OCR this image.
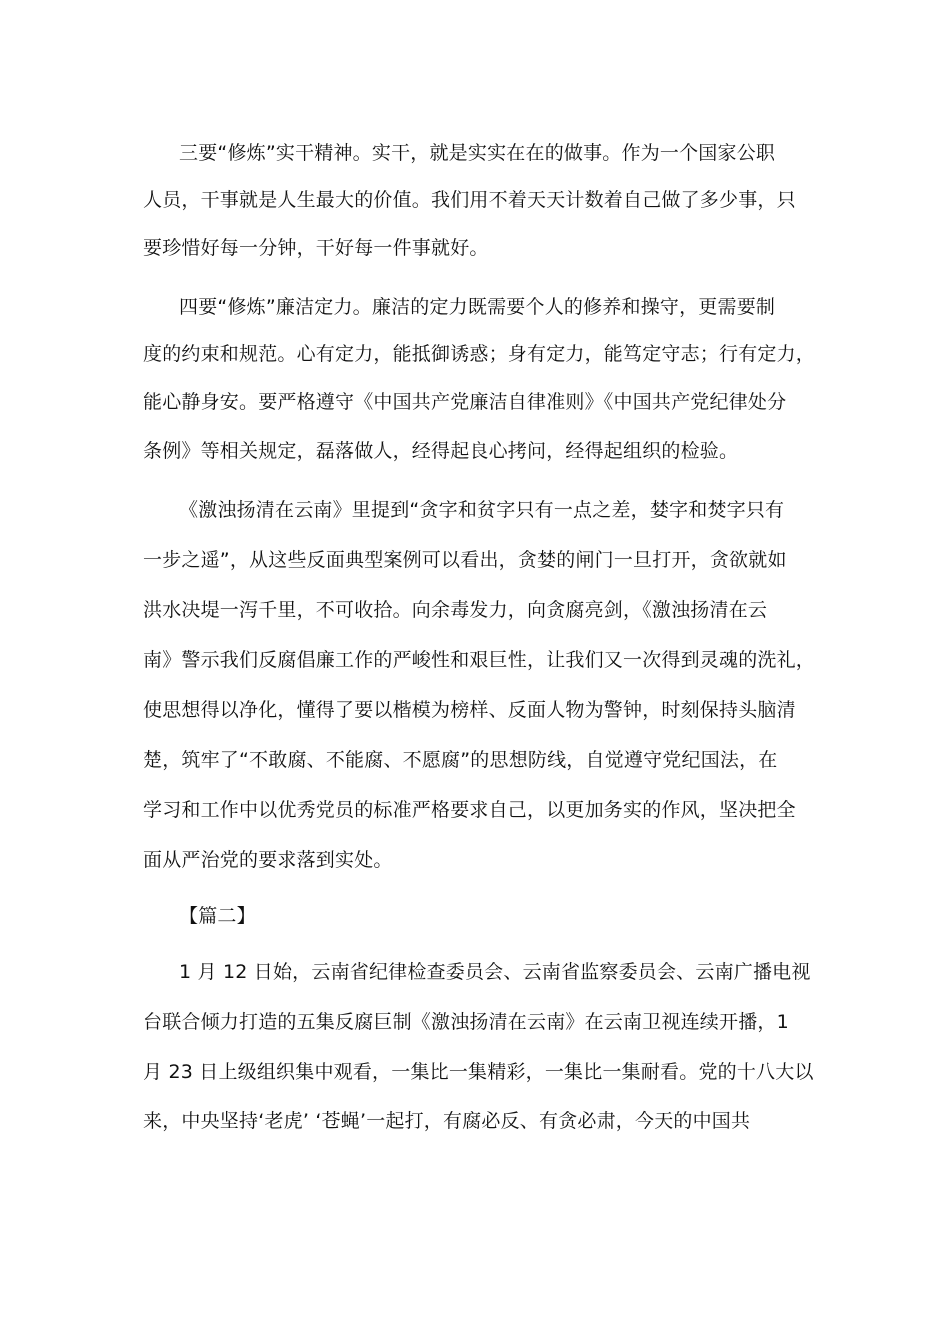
三要“修炼”实干精神。实干，就是实实在在的做事。作为一个国家公职
人员，干事就是人生最大的价值。我们用不着天天计数着自己做了多少事，只
要珍惜好每一分钟，干好每一件事就好。
四要“修炼”廉洁定力。廉洁的定力既需要个人的修养和操守，更需要制
度的约束和规范。心有定力，能抵御诱惑；身有定力，能笃定守志；行有定力，
能心静身安。要严格遵守《中国共产党廉洁自律准则》《中国共产党纪律处分
条例》等相关规定，磊落做人，经得起良心拷问，经得起组织的检验。
《激浊扬清在云南》里提到“贪字和贫字只有一点之差，婪字和焚字只有
一步之遥”，从这些反面典型案例可以看出，贪婪的闸门一旦打开，贪欲就如
洪水决堤一泻千里，不可收拾。向余毒发力，向贪腐亮剑，《激浊扬清在云
南》警示我们反腐倡廉工作的严峻性和艰巨性，让我们又一次得到灵魂的洗礼，
使思想得以净化，懂得了要以楷模为榜样、反面人物为警钟，时刻保持头脑清
楚，筑牢了“不敢腐、不能腐、不愿腐”的思想防线，自觉遵守党纪国法，在
学习和工作中以优秀党员的标准严格要求自己，以更加务实的作风，坚决把全
面从严治党的要求落到实处。
【篇二】
1 月 12 日始，云南省纪律检查委员会、云南省监察委员会、云南广播电视
台联合倾力打造的五集反腐巨制《激浊扬清在云南》在云南卫视连续开播，1
月 23 日上级组织集中观看，一集比一集精彩，一集比一集耐看。党的十八大以
来，中央坚持‘老虎’ ‘苍蝇’一起打，有腐必反、有贪必肃，今天的中国共
